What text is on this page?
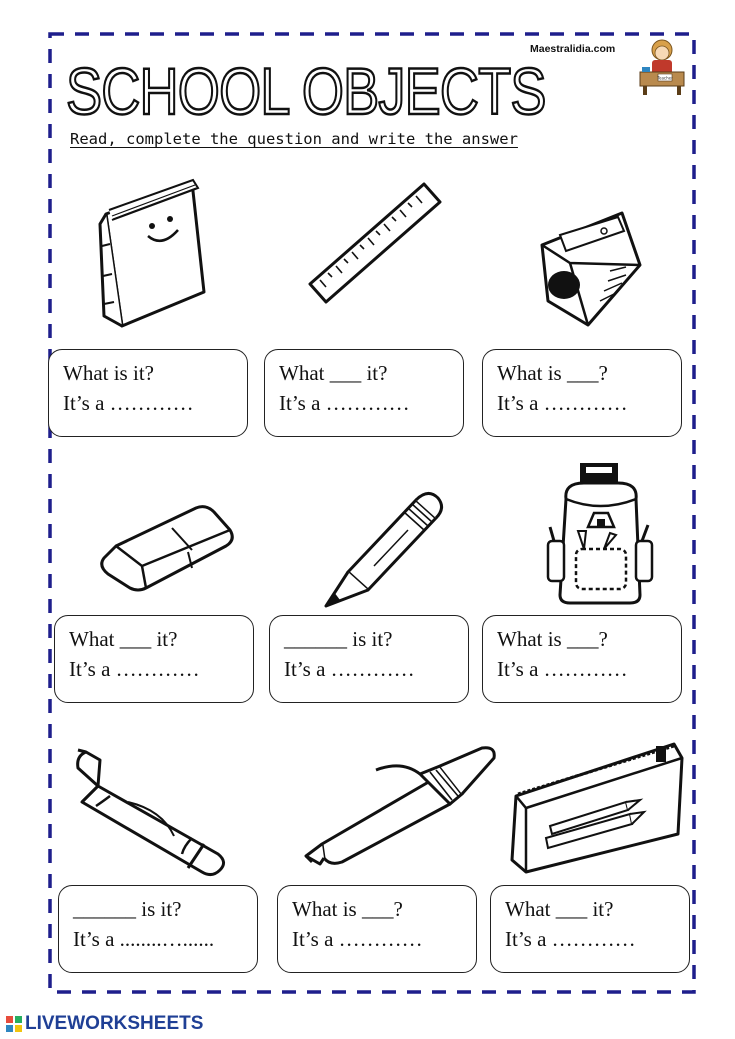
SCHOOL OBJECTS
Read, complete the question and write the answer
Maestralidia.com
Teacher
What is it?
It’s a …………
What ___ it?
It’s a …………
What is ___?
It’s a …………
What ___ it?
It’s a …………
______ is it?
It’s a …………
What is ___?
It’s a …………
______ is it?
It’s a ........…......
What is ___?
It’s a …………
What ___ it?
It’s a …………
LIVEWORKSHEETS
